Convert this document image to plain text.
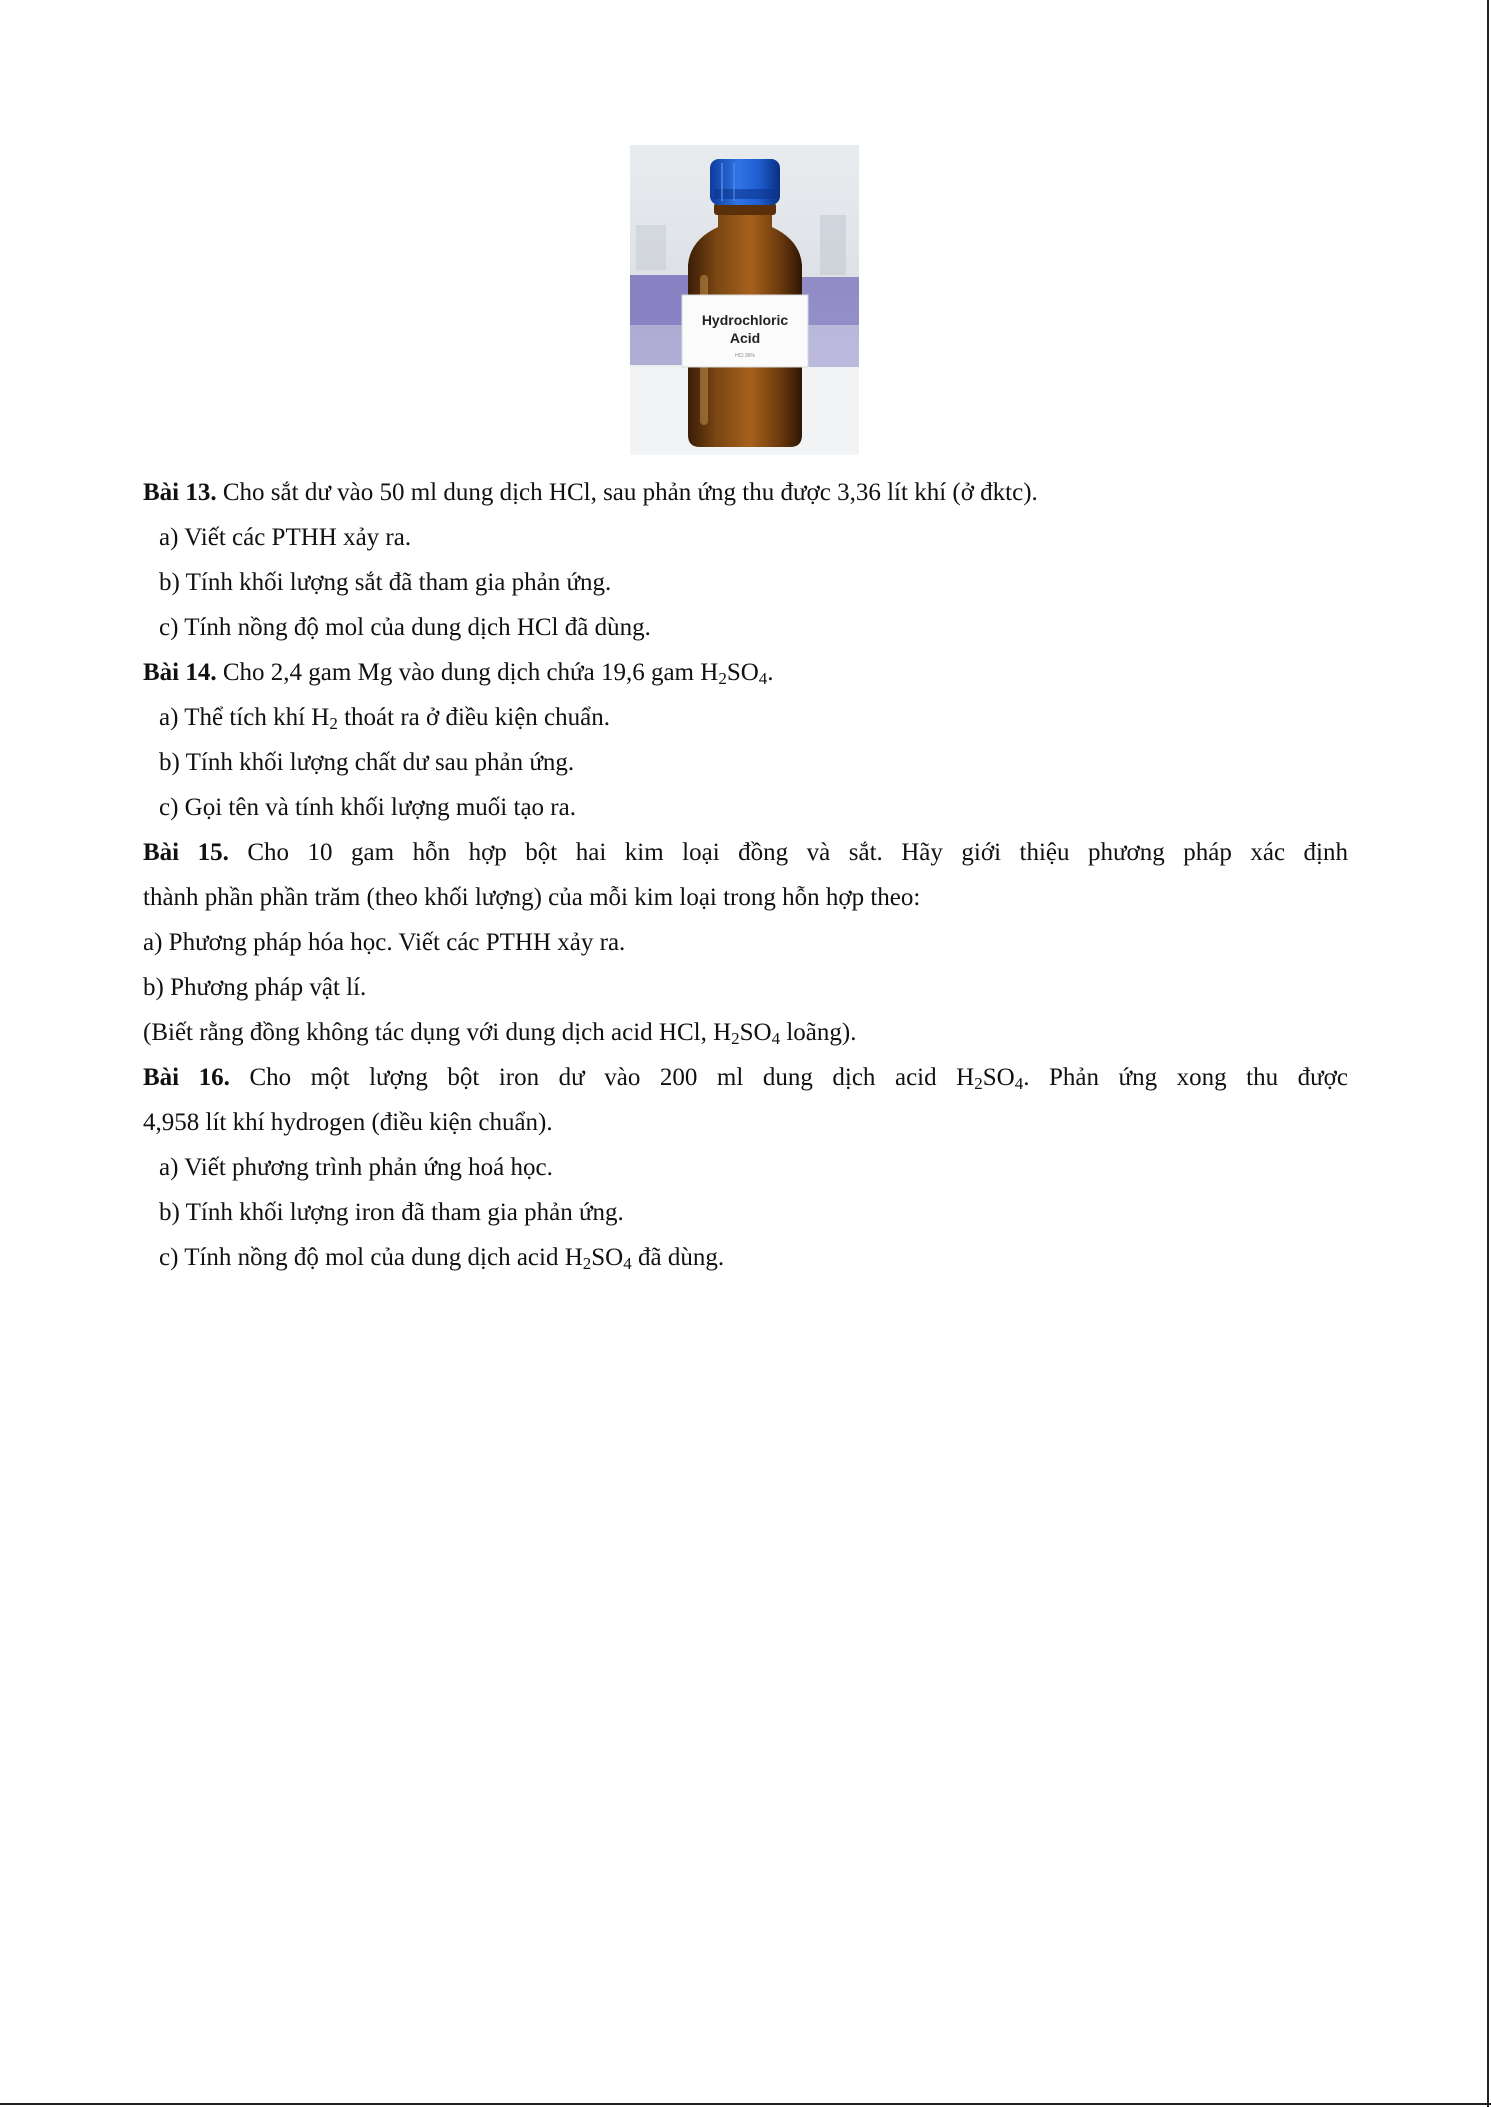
Hydrochloric
Acid
HCl 36%
Bài 13. Cho sắt dư vào 50 ml dung dịch HCl, sau phản ứng thu được 3,36 lít khí (ở đktc).
a) Viết các PTHH xảy ra.
b) Tính khối lượng sắt đã tham gia phản ứng.
c) Tính nồng độ mol của dung dịch HCl đã dùng.
Bài 14. Cho 2,4 gam Mg vào dung dịch chứa 19,6 gam $H_2SO_4$.
a) Thể tích khí $H_2$ thoát ra ở điều kiện chuẩn.
b) Tính khối lượng chất dư sau phản ứng.
c) Gọi tên và tính khối lượng muối tạo ra.
Bài 15. Cho 10 gam hỗn hợp bột hai kim loại đồng và sắt. Hãy giới thiệu phương pháp xác định
thành phần phần trăm (theo khối lượng) của mỗi kim loại trong hỗn hợp theo:
a) Phương pháp hóa học. Viết các PTHH xảy ra.
b) Phương pháp vật lí.
(Biết rằng đồng không tác dụng với dung dịch acid HCl, $H_2SO_4$ loãng).
Bài 16. Cho một lượng bột iron dư vào 200 ml dung dịch acid $H_2SO_4$. Phản ứng xong thu được
4,958 lít khí hydrogen (điều kiện chuẩn).
a) Viết phương trình phản ứng hoá học.
b) Tính khối lượng iron đã tham gia phản ứng.
c) Tính nồng độ mol của dung dịch acid $H_2SO_4$ đã dùng.
